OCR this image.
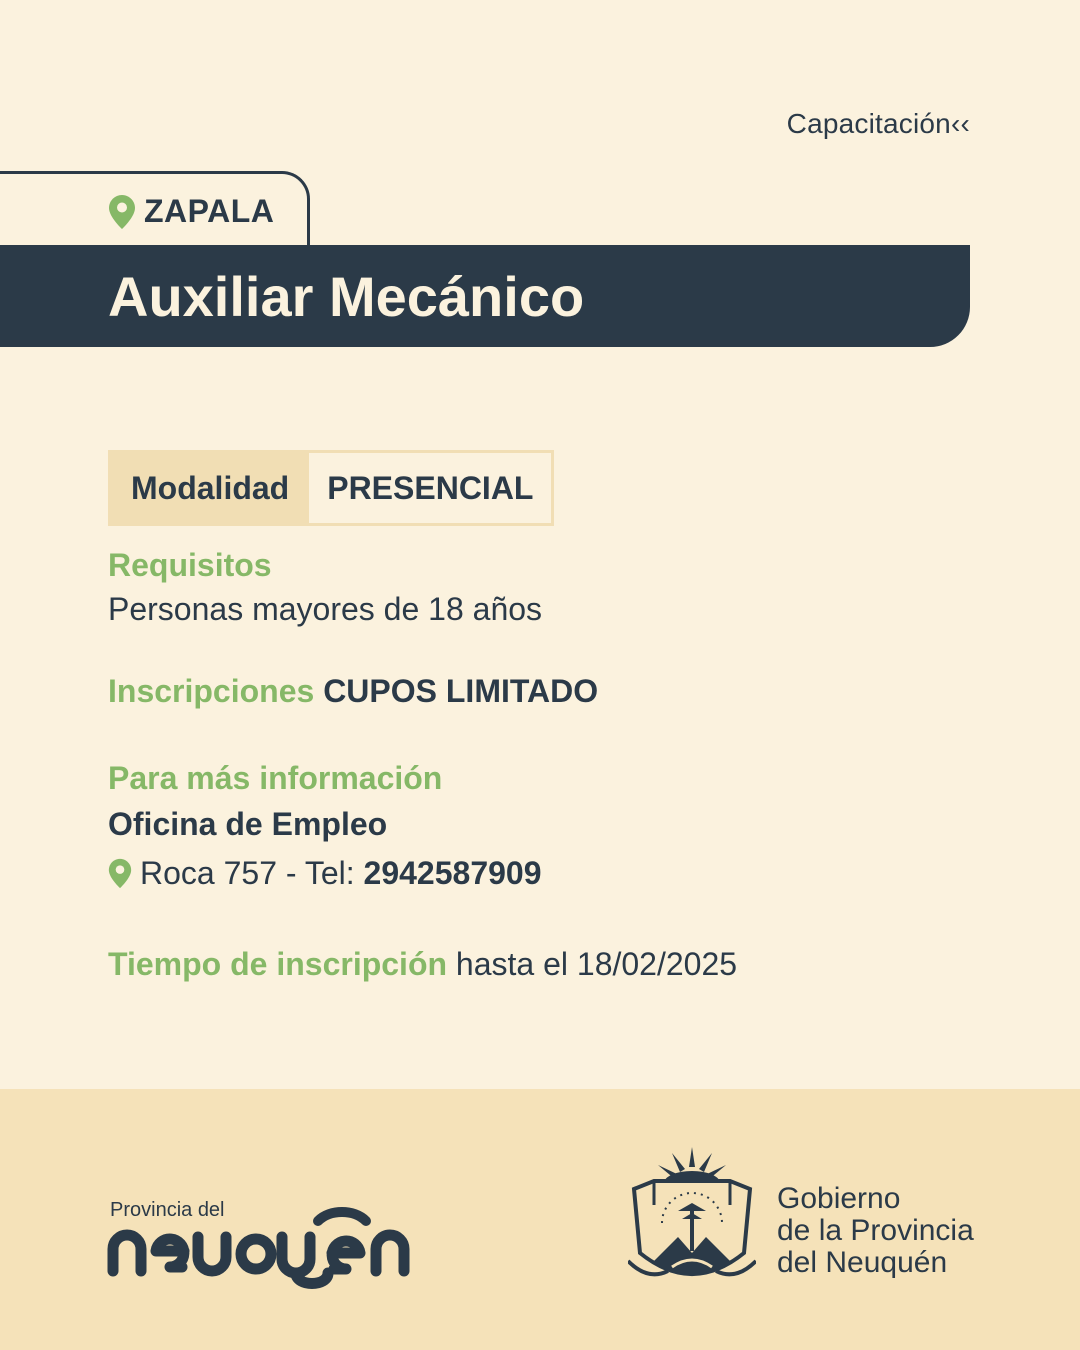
Capacitación‹‹
ZAPALA
Auxiliar Mecánico
Modalidad	PRESENCIAL
Requisitos
Personas mayores de 18 años
Inscripciones CUPOS LIMITADO
Para más información
Oficina de Empleo
Roca 757 - Tel: 2942587909
Tiempo de inscripción hasta el 18/02/2025
Provincia del	Gobierno
de la Provincia
del Neuquén
